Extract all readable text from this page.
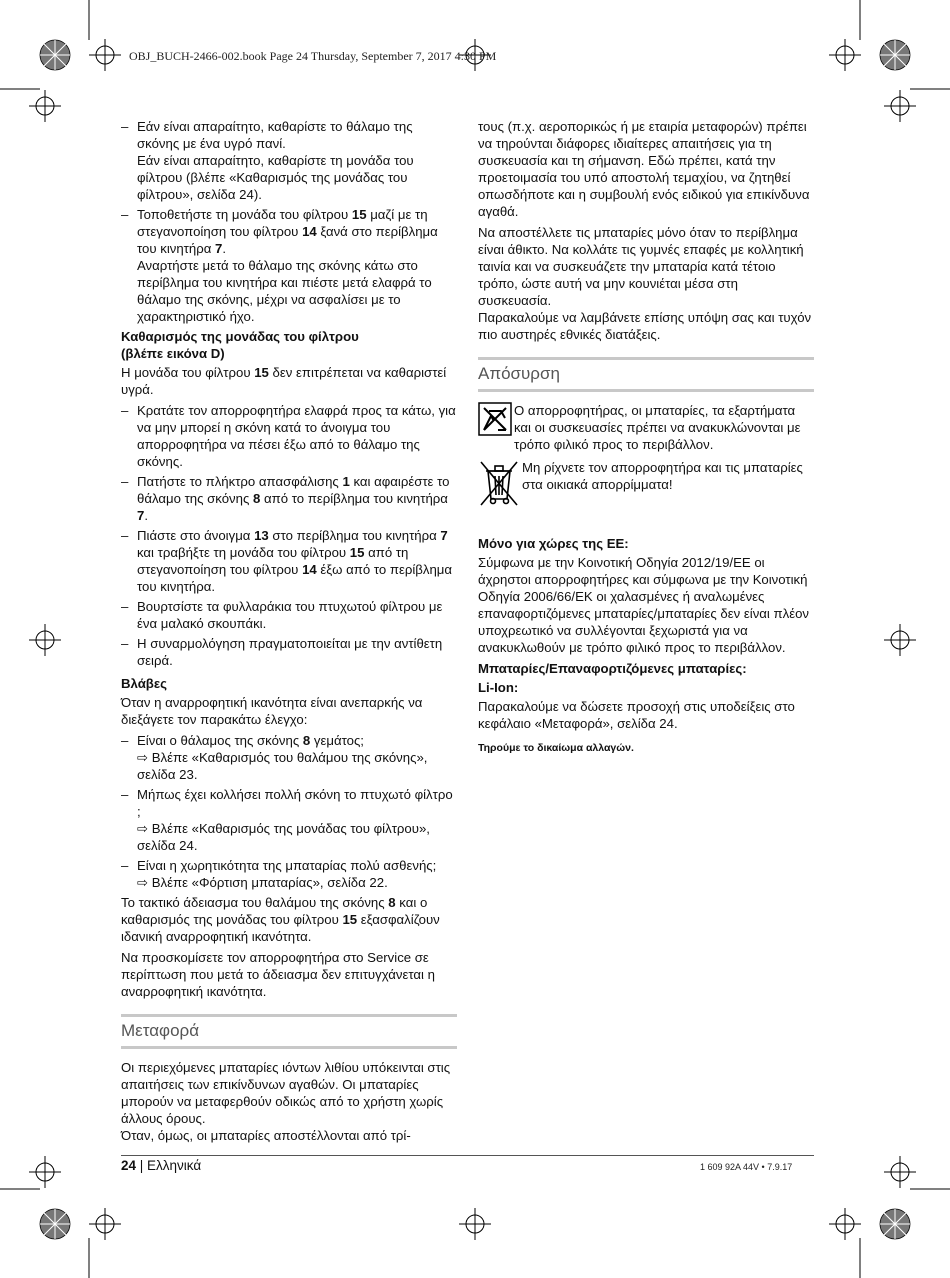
OBJ_BUCH-2466-002.book Page 24 Thursday, September 7, 2017 4:30 PM
– Εάν είναι απαραίτητο, καθαρίστε το θάλαμο της σκόνης με ένα υγρό πανί.
Εάν είναι απαραίτητο, καθαρίστε τη μονάδα του φίλτρου (βλέπε «Καθαρισμός της μονάδας του φίλτρου», σελίδα 24).
– Τοποθετήστε τη μονάδα του φίλτρου 15 μαζί με τη στεγανοποίηση του φίλτρου 14 ξανά στο περίβλημα του κινητήρα 7.
Αναρτήστε μετά το θάλαμο της σκόνης κάτω στο περίβλημα του κινητήρα και πιέστε μετά ελαφρά το θάλαμο της σκόνης, μέχρι να ασφαλίσει με το χαρακτηριστικό ήχο.
Καθαρισμός της μονάδας του φίλτρου
(βλέπε εικόνα D)

Η μονάδα του φίλτρου 15 δεν επιτρέπεται να καθαριστεί υγρά.

– Κρατάτε τον απορροφητήρα ελαφρά προς τα κάτω, για να μην μπορεί η σκόνη κατά το άνοιγμα του απορροφητήρα να πέσει έξω από το θάλαμο της σκόνης.
– Πατήστε το πλήκτρο απασφάλισης 1 και αφαιρέστε το θάλαμο της σκόνης 8 από το περίβλημα του κινητήρα 7.
– Πιάστε στο άνοιγμα 13 στο περίβλημα του κινητήρα 7 και τραβήξτε τη μονάδα του φίλτρου 15 από τη στεγανοποίηση του φίλτρου 14 έξω από το περίβλημα του κινητήρα.
– Βουρτσίστε τα φυλλαράκια του πτυχωτού φίλτρου με ένα μαλακό σκουπάκι.
– Η συναρμολόγηση πραγματοποιείται με την αντίθετη σειρά.
Βλάβες

Όταν η αναρροφητική ικανότητα είναι ανεπαρκής να διεξάγετε τον παρακάτω έλεγχο:

– Είναι ο θάλαμος της σκόνης 8 γεμάτος;
⇨ Βλέπε «Καθαρισμός του θαλάμου της σκόνης», σελίδα 23.
– Μήπως έχει κολλήσει πολλή σκόνη το πτυχωτό φίλτρο ;
⇨ Βλέπε «Καθαρισμός της μονάδας του φίλτρου», σελίδα 24.
– Είναι η χωρητικότητα της μπαταρίας πολύ ασθενής;
⇨ Βλέπε «Φόρτιση μπαταρίας», σελίδα 22.

Το τακτικό άδειασμα του θαλάμου της σκόνης 8 και ο καθαρισμός της μονάδας του φίλτρου 15 εξασφαλίζουν ιδανική αναρροφητική ικανότητα.

Να προσκομίσετε τον απορροφητήρα στο Service σε περίπτωση που μετά το άδειασμα δεν επιτυγχάνεται η αναρροφητική ικανότητα.

Μεταφορά

Οι περιεχόμενες μπαταρίες ιόντων λιθίου υπόκεινται στις απαιτήσεις των επικίνδυνων αγαθών. Οι μπαταρίες μπορούν να μεταφερθούν οδικώς από το χρήστη χωρίς άλλους όρους.

Όταν, όμως, οι μπαταρίες αποστέλλονται από τρί-

τους (π.χ. αεροπορικώς ή με εταιρία μεταφορών) πρέπει να τηρούνται διάφορες ιδιαίτερες απαιτήσεις για τη συσκευασία και τη σήμανση. Εδώ πρέπει, κατά την προετοιμασία του υπό αποστολή τεμαχίου, να ζητηθεί οπωσδήποτε και η συμβουλή ενός ειδικού για επικίνδυνα αγαθά.

Να αποστέλλετε τις μπαταρίες μόνο όταν το περίβλημα είναι άθικτο. Να κολλάτε τις γυμνές επαφές με κολλητική ταινία και να συσκευάζετε την μπαταρία κατά τέτοιο τρόπο, ώστε αυτή να μην κουνιέται μέσα στη συσκευασία.

Παρακαλούμε να λαμβάνετε επίσης υπόψη σας και τυχόν πιο αυστηρές εθνικές διατάξεις.

Απόσυρση
Ο απορροφητήρας, οι μπαταρίες, τα εξαρτήματα και οι συσκευασίες πρέπει να ανακυκλώνονται με τρόπο φιλικό προς το περιβάλλον.
Μη ρίχνετε τον απορροφητήρα και τις μπαταρίες στα οικιακά απορρίμματα!
Μόνο για χώρες της ΕΕ:

Σύμφωνα με την Κοινοτική Οδηγία 2012/19/ΕΕ οι άχρηστοι απορροφητήρες και σύμφωνα με την Κοινοτική Οδηγία 2006/66/ΕΚ οι χαλασμένες ή αναλωμένες επαναφορτιζόμενες μπαταρίες/μπαταρίες δεν είναι πλέον υποχρεωτικό να συλλέγονται ξεχωριστά για να ανακυκλωθούν με τρόπο φιλικό προς το περιβάλλον.

Μπαταρίες/Επαναφορτιζόμενες μπαταρίες:
Li-Ion:

Παρακαλούμε να δώσετε προσοχή στις υποδείξεις στο κεφάλαιο «Μεταφορά», σελίδα 24.

Τηρούμε το δικαίωμα αλλαγών.
24 | Ελληνικά	1 609 92A 44V • 7.9.17
